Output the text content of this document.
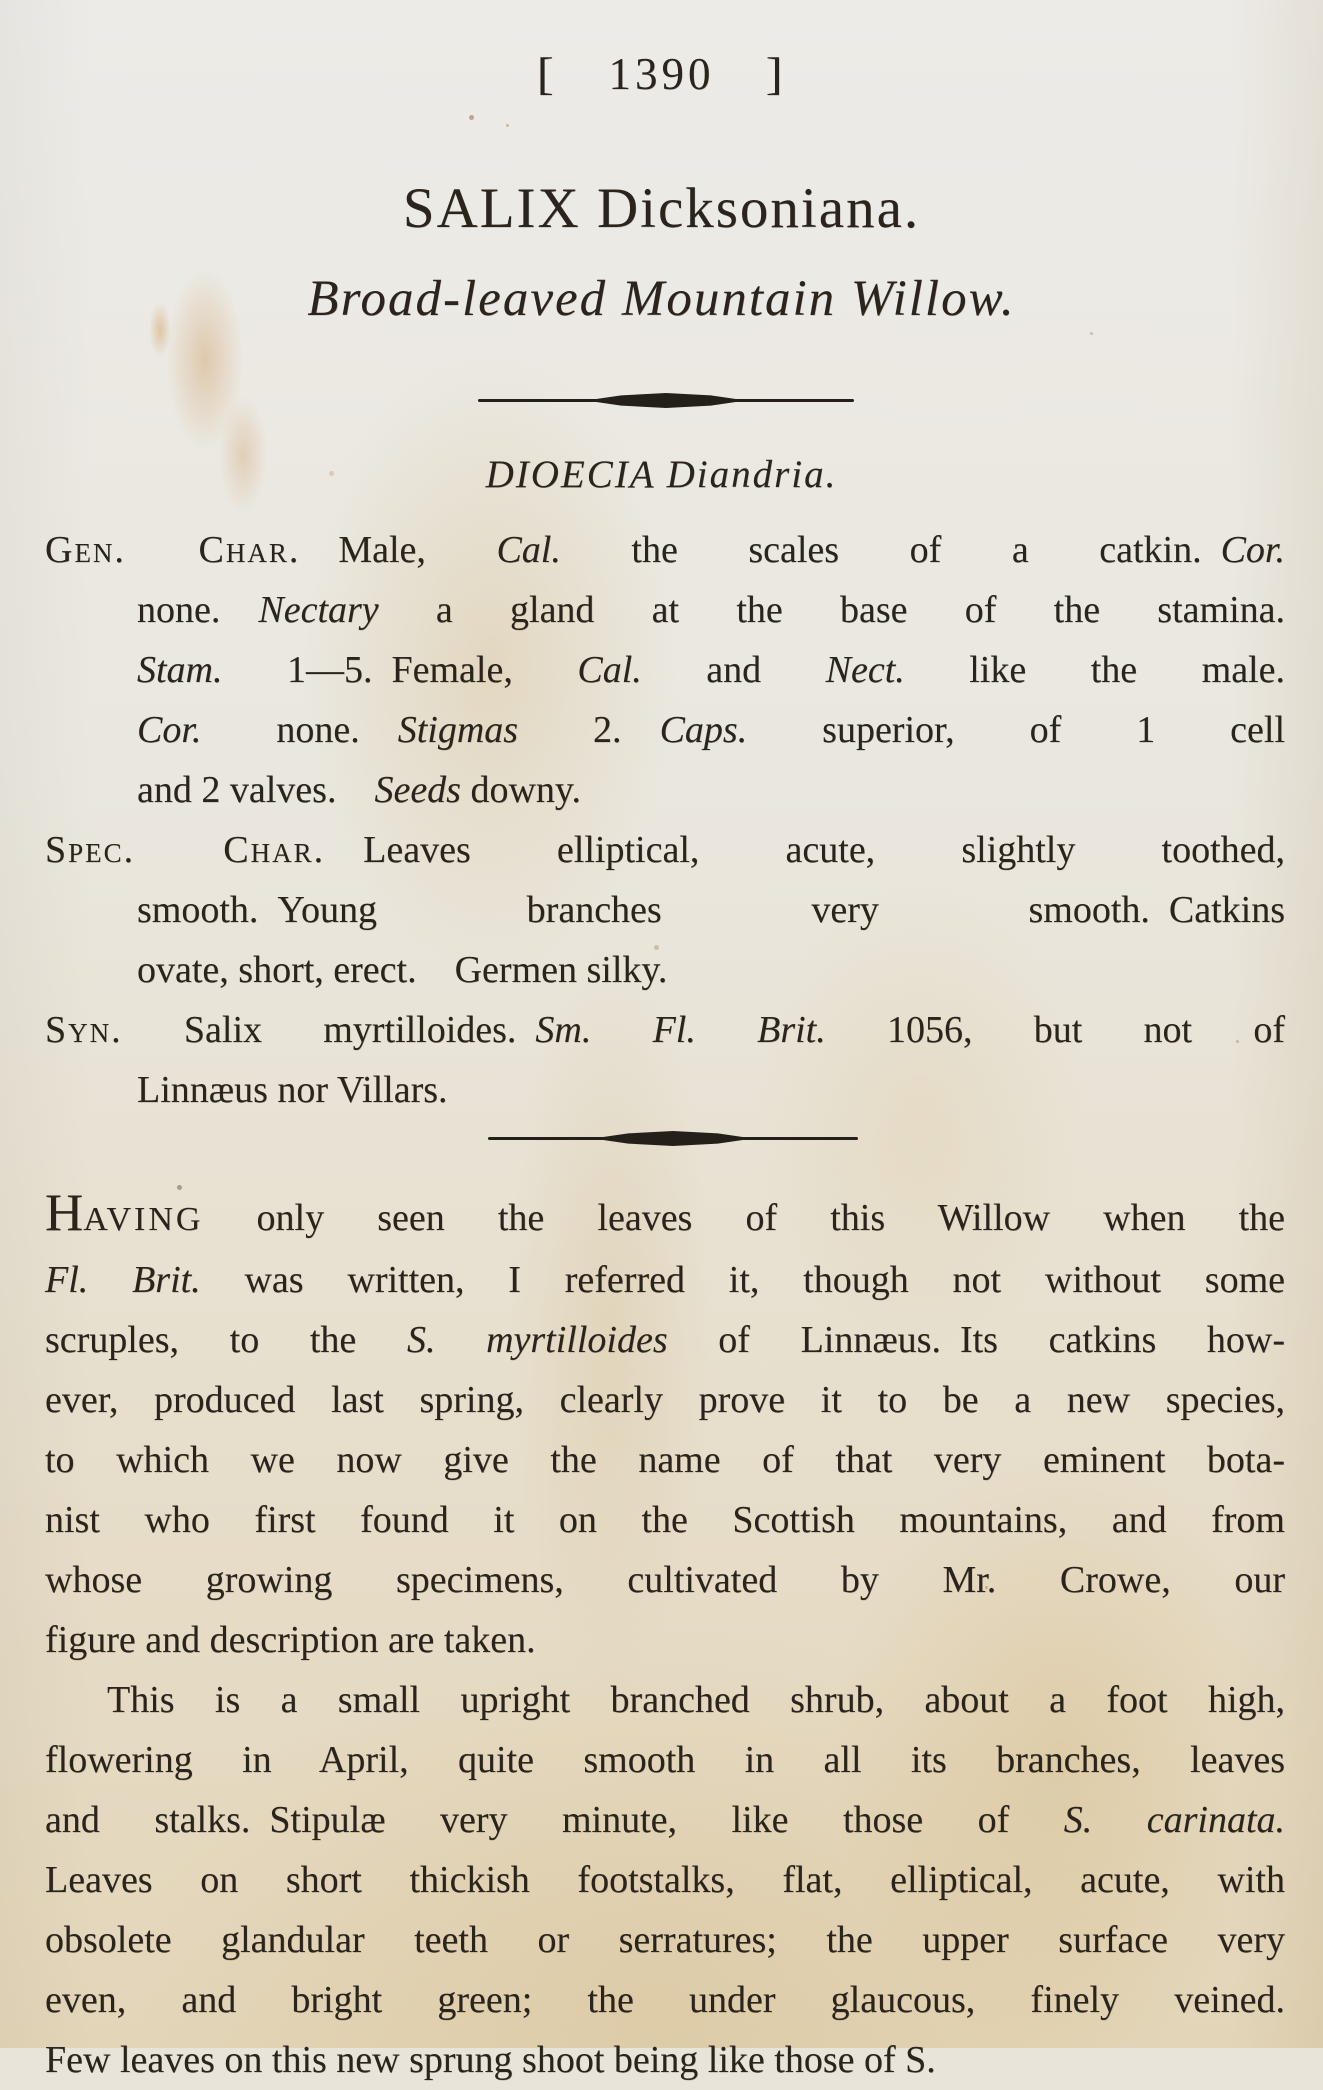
[ 1390 ]
SALIX Dicksoniana.
Broad-leaved Mountain Willow.
DIOECIA Diandria.
Gen. Char. Male, Cal. the scales of a catkin. Cor.
none. Nectary a gland at the base of the stamina.
Stam. 1—5. Female, Cal. and Nect. like the male.
Cor. none. Stigmas 2. Caps. superior, of 1 cell
and 2 valves. Seeds downy.
Spec. Char. Leaves elliptical, acute, slightly toothed,
smooth. Young branches very smooth. Catkins
ovate, short, erect. Germen silky.
Syn. Salix myrtilloides. Sm. Fl. Brit. 1056, but not of
Linnæus nor Villars.
HAVING only seen the leaves of this Willow when the
Fl. Brit. was written, I referred it, though not without some
scruples, to the S. myrtilloides of Linnæus. Its catkins how-
ever, produced last spring, clearly prove it to be a new species,
to which we now give the name of that very eminent bota-
nist who first found it on the Scottish mountains, and from
whose growing specimens, cultivated by Mr. Crowe, our
figure and description are taken.
This is a small upright branched shrub, about a foot high,
flowering in April, quite smooth in all its branches, leaves
and stalks. Stipulæ very minute, like those of S. carinata.
Leaves on short thickish footstalks, flat, elliptical, acute, with
obsolete glandular teeth or serratures; the upper surface very
even, and bright green; the under glaucous, finely veined.
Few leaves on this new sprung shoot being like those of S.
